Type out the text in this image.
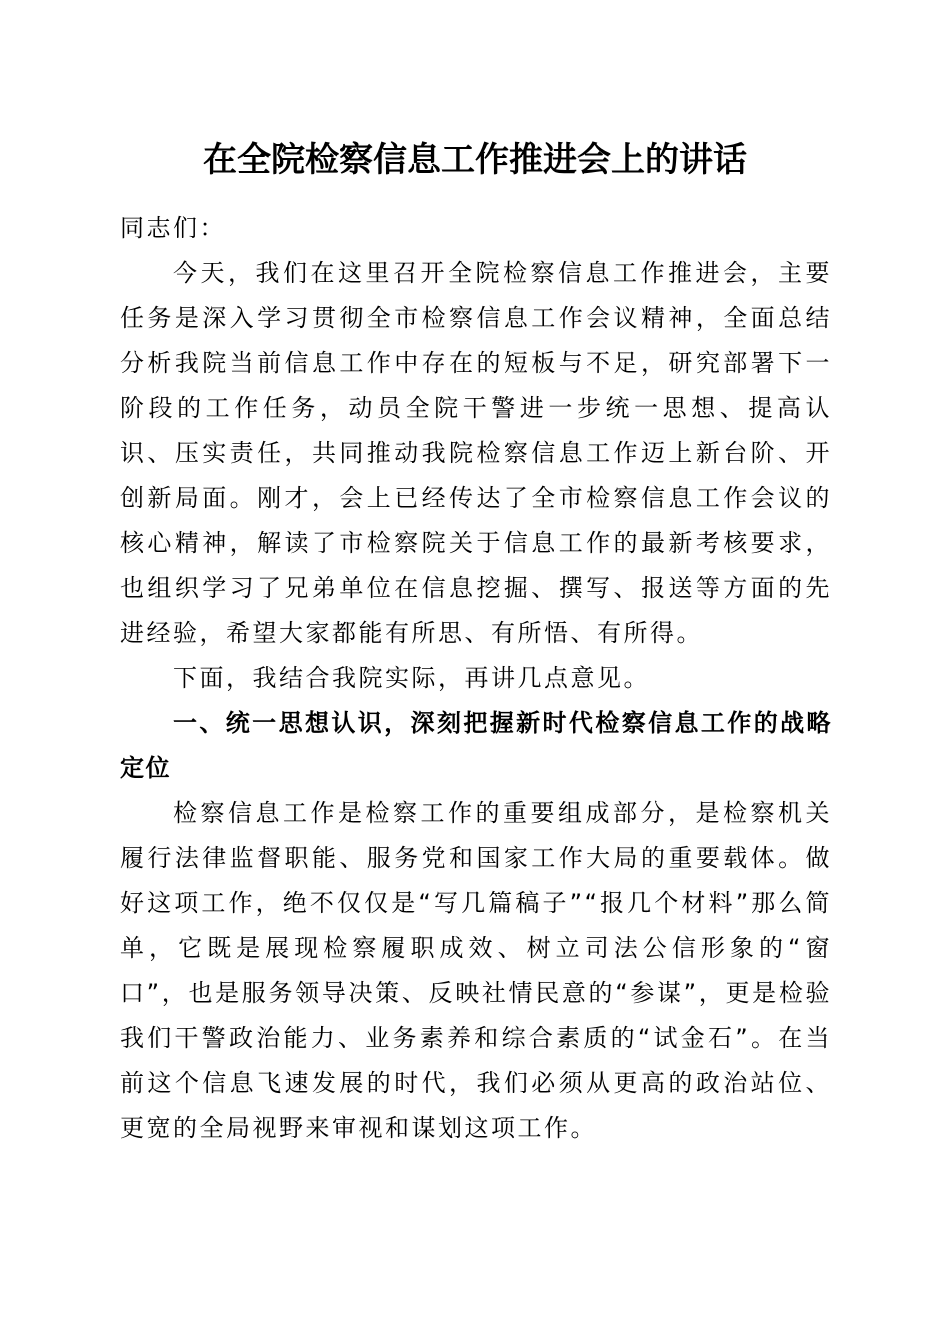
在全院检察信息工作推进会上的讲话

同志们：

今天，我们在这里召开全院检察信息工作推进会，主要任务是深入学习贯彻全市检察信息工作会议精神，全面总结分析我院当前信息工作中存在的短板与不足，研究部署下一阶段的工作任务，动员全院干警进一步统一思想、提高认识、压实责任，共同推动我院检察信息工作迈上新台阶、开创新局面。刚才，会上已经传达了全市检察信息工作会议的核心精神，解读了市检察院关于信息工作的最新考核要求，也组织学习了兄弟单位在信息挖掘、撰写、报送等方面的先进经验，希望大家都能有所思、有所悟、有所得。

下面，我结合我院实际，再讲几点意见。

一、统一思想认识，深刻把握新时代检察信息工作的战略定位

检察信息工作是检察工作的重要组成部分，是检察机关履行法律监督职能、服务党和国家工作大局的重要载体。做好这项工作，绝不仅仅是“写几篇稿子”“报几个材料”那么简单，它既是展现检察履职成效、树立司法公信形象的“窗口”，也是服务领导决策、反映社情民意的“参谋”，更是检验我们干警政治能力、业务素养和综合素质的“试金石”。在当前这个信息飞速发展的时代，我们必须从更高的政治站位、更宽的全局视野来审视和谋划这项工作。
